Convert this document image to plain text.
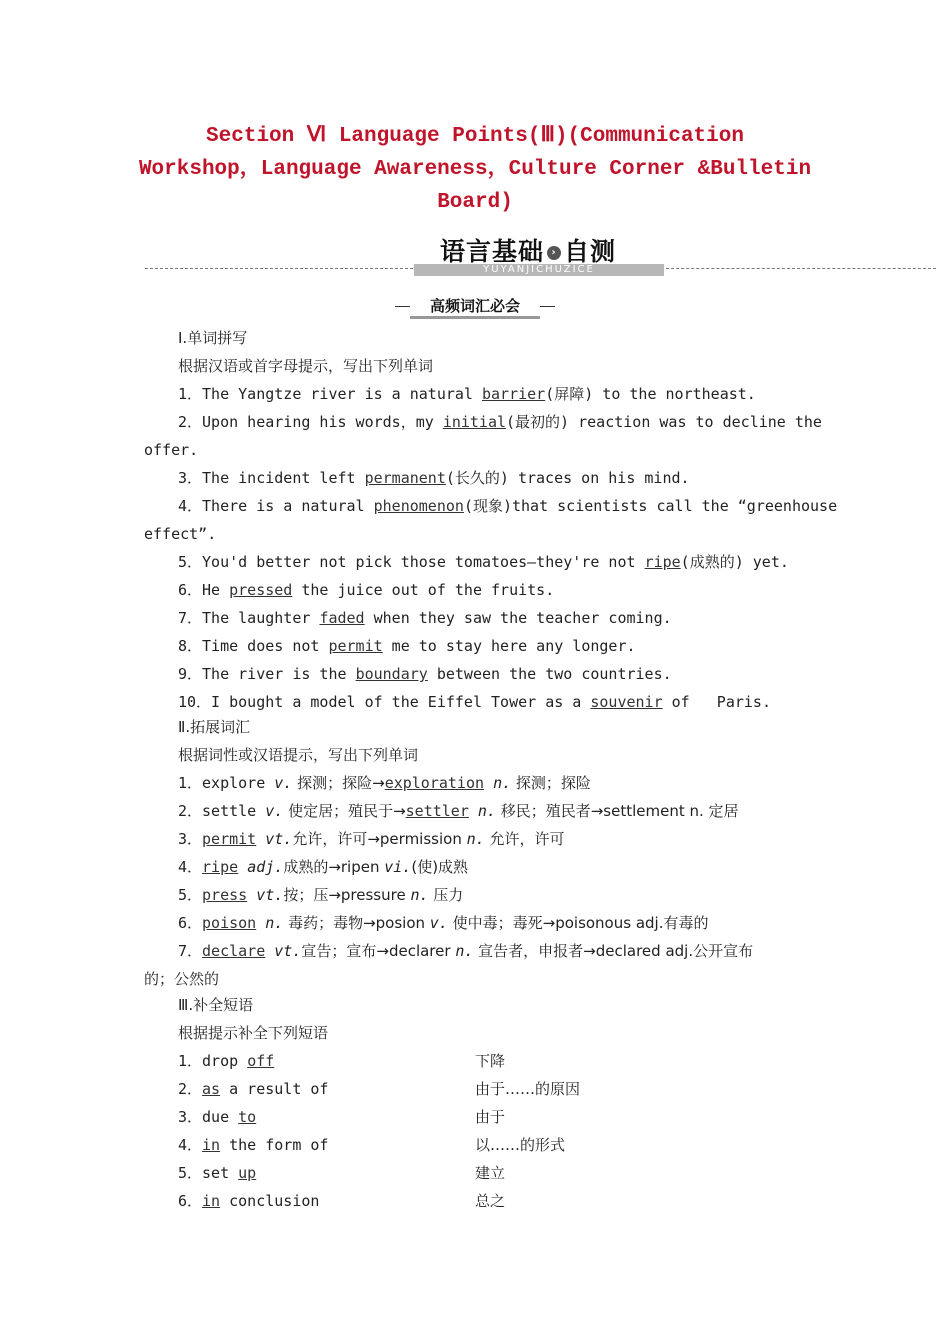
Section Ⅵ Language Points(Ⅲ)(Communication
Workshop，Language Awareness，Culture Corner &Bulletin
Board)
YUYANJICHUZICE
语言基础 › 自测
高频词汇必会
Ⅰ.单词拼写
根据汉语或首字母提示，写出下列单词
1．The Yangtze river is a natural barrier(屏障) to the northeast.
2．Upon hearing his words，my initial(最初的) reaction was to decline the
offer.
3．The incident left permanent(长久的) traces on his mind.
4．There is a natural phenomenon(现象)that scientists call the “greenhouse
effect”.
5．You'd better not pick those tomatoes—they're not ripe(成熟的) yet.
6．He pressed the juice out of the fruits.
7．The laughter faded when they saw the teacher coming.
8．Time does not permit me to stay here any longer.
9．The river is the boundary between the two countries.
10．I bought a model of the Eiffel Tower as a souvenir of   Paris.
Ⅱ.拓展词汇
根据词性或汉语提示，写出下列单词
1．explore v. 探测；探险→exploration n. 探测；探险
2．settle v. 使定居；殖民于→settler n. 移民；殖民者→settlement n. 定居
3．permit vt.允许，许可→permission n. 允许，许可
4．ripe adj.成熟的→ripen vi.(使)成熟
5．press vt.按；压→pressure n. 压力
6．poison n. 毒药；毒物→posion v. 使中毒；毒死→poisonous adj.有毒的
7．declare vt.宣告；宣布→declarer n. 宣告者，申报者→declared adj.公开宣布
的；公然的
Ⅲ.补全短语
根据提示补全下列短语
1．drop off	下降
2．as a result of	由于……的原因
3．due to	由于
4．in the form of	以……的形式
5．set up	建立
6．in conclusion	总之
